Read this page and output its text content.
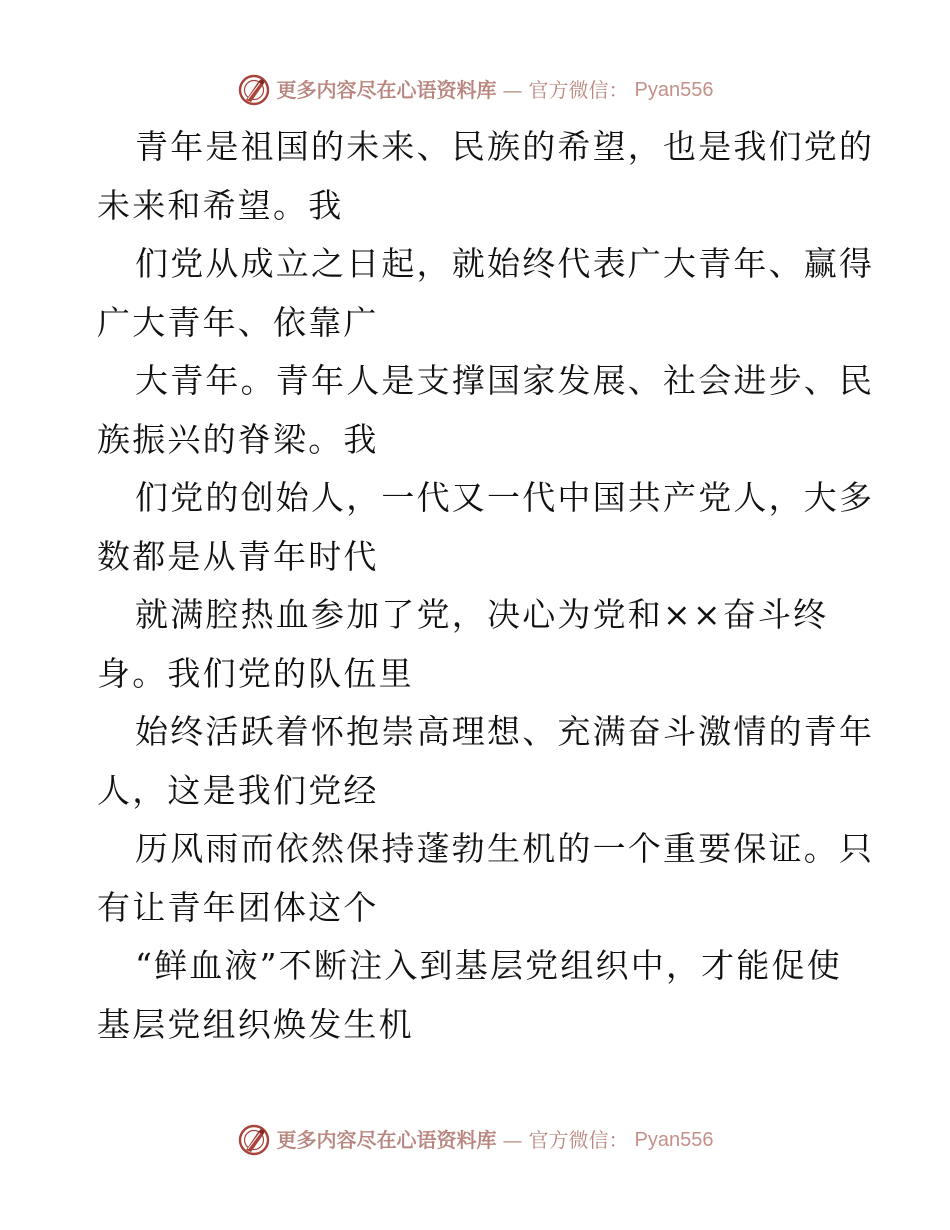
更多内容尽在心语资料库 — 官方微信： Pyan556
青年是祖国的未来、民族的希望，也是我们党的
未来和希望。我
们党从成立之日起，就始终代表广大青年、赢得
广大青年、依靠广
大青年。青年人是支撑国家发展、社会进步、民
族振兴的脊梁。我
们党的创始人，一代又一代中国共产党人，大多
数都是从青年时代
就满腔热血参加了党，决心为党和××奋斗终
身。我们党的队伍里
始终活跃着怀抱崇高理想、充满奋斗激情的青年
人，这是我们党经
历风雨而依然保持蓬勃生机的一个重要保证。只
有让青年团体这个
“鲜血液”不断注入到基层党组织中，才能促使
基层党组织焕发生机
更多内容尽在心语资料库 — 官方微信： Pyan556
